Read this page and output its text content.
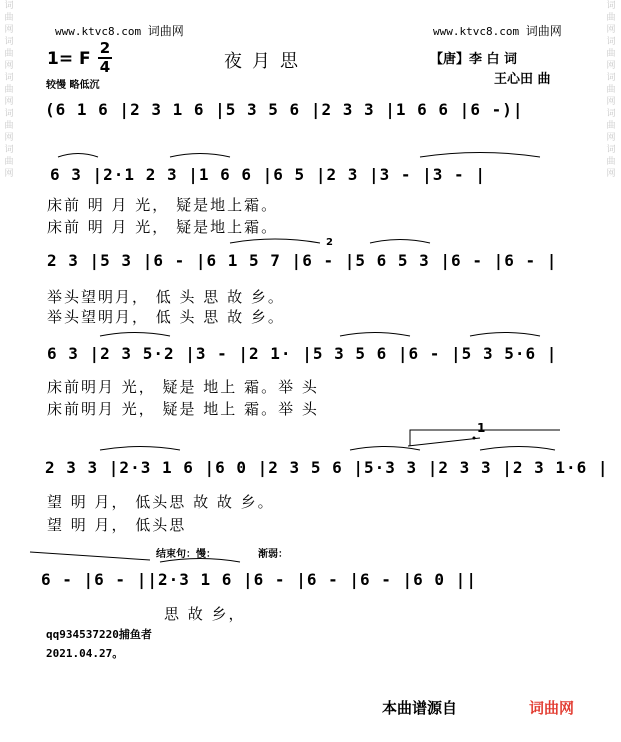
词曲网词曲网词曲网词曲网词曲网
词曲网词曲网词曲网词曲网词曲网
www.ktvc8.com 词曲网	www.ktvc8.com 词曲网
1= F
2
4
较慢 略低沉
夜月思	【唐】李 白 词
王心田 曲
(6 1 6 |2 3 1 6 |5 3 5 6 |2 3 3 |1 6 6 |6 -)|
6 3 |2·1 2 3 |1 6 6 |6 5 |2 3 |3 - |3 - |
床前 明 月 光， 疑是地上霜。
床前 明 月 光， 疑是地上霜。
2
2 3 |5 3 |6 - |6 1 5 7 |6 - |5 6 5 3 |6 - |6 - |
举头望明月， 低 头 思 故 乡。
举头望明月， 低 头 思 故 乡。
6 3 |2 3 5·2 |3 - |2 1· |5 3 5 6 |6 - |5 3 5·6 |
床前明月 光， 疑是 地上 霜。举 头
床前明月 光， 疑是 地上 霜。举 头
1
2 3 3 |2·3 1 6 |6 0 |2 3 5 6 |5·3 3 |2 3 3 |2 3 1·6 |
望 明 月， 低头思 故 故 乡。
望 明 月， 低头思
结束句：慢：	渐弱：
6 - |6 - ||2·3 1 6 |6 - |6 - |6 - |6 0 ||
思 故 乡，
qq934537220捕鱼者
2021.04.27。
本曲谱源自	词曲网
